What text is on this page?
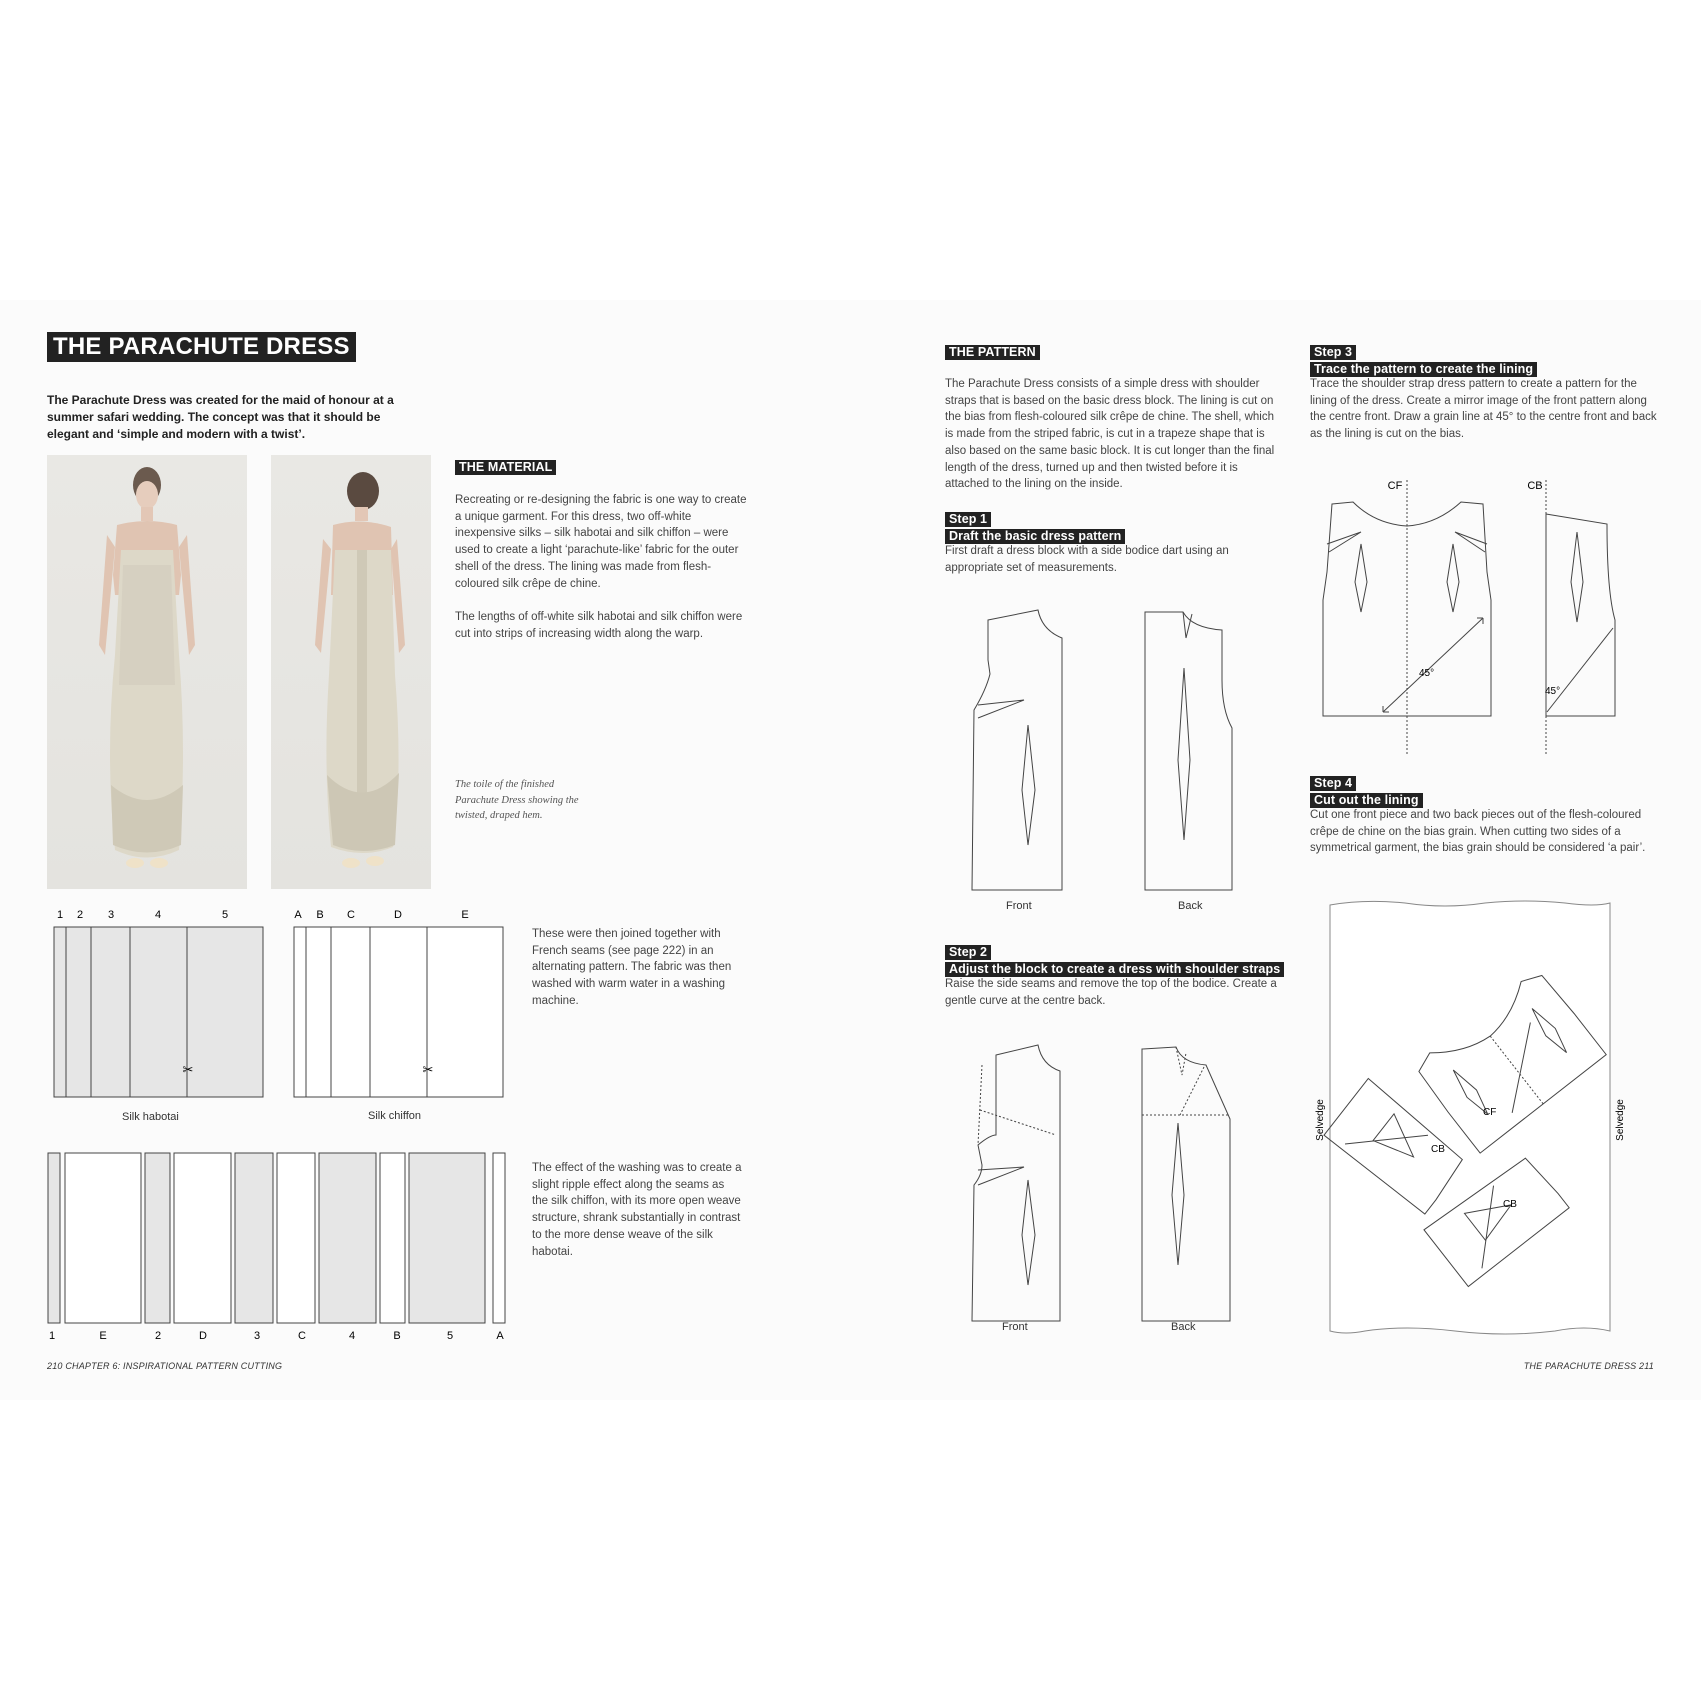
THE PARACHUTE DRESS
The Parachute Dress was created for the maid of honour at a summer safari wedding. The concept was that it should be elegant and ‘simple and modern with a twist’.
THE MATERIAL

Recreating or re-designing the fabric is one way to create a unique garment. For this dress, two off-white inexpensive silks – silk habotai and silk chiffon – were used to create a light ‘parachute-like’ fabric for the outer shell of the dress. The lining was made from flesh-coloured silk crêpe de chine.

The lengths of off-white silk habotai and silk chiffon were cut into strips of increasing width along the warp.

The toile of the finished Parachute Dress showing the twisted, draped hem.
1 2 3	4	5
✂
Silk habotai
A B C	D	E
✂
Silk chiffon

These were then joined together with French seams (see page 222) in an alternating pattern. The fabric was then washed with warm water in a washing machine.

1	E	2	D	3	C	4	B	5	A

The effect of the washing was to create a slight ripple effect along the seams as the silk chiffon, with its more open weave structure, shrank substantially in contrast to the more dense weave of the silk habotai.

210 CHAPTER 6: INSPIRATIONAL PATTERN CUTTING
THE PATTERN

The Parachute Dress consists of a simple dress with shoulder straps that is based on the basic dress block. The lining is cut on the bias from flesh-coloured silk crêpe de chine. The shell, which is made from the striped fabric, is cut in a trapeze shape that is also based on the same basic block. It is cut longer than the final length of the dress, turned up and then twisted before it is attached to the lining on the inside.

Step 1
Draft the basic dress pattern

First draft a dress block with a side bodice dart using an appropriate set of measurements.

Front	Back
Step 2
Adjust the block to create a dress with shoulder straps

Raise the side seams and remove the top of the bodice. Create a gentle curve at the centre back.

Front	Back
Step 3
Trace the pattern to create the lining

Trace the shoulder strap dress pattern to create a pattern for the lining of the dress. Create a mirror image of the front pattern along the centre front. Draw a grain line at 45° to the centre front and back as the lining is cut on the bias.

CF	CB
45°
45°
Step 4
Cut out the lining

Cut one front piece and two back pieces out of the flesh-coloured crêpe de chine on the bias grain. When cutting two sides of a symmetrical garment, the bias grain should be considered ‘a pair’.

Selvedge	Selvedge
CF
CB
CB
THE PARACHUTE DRESS 211
